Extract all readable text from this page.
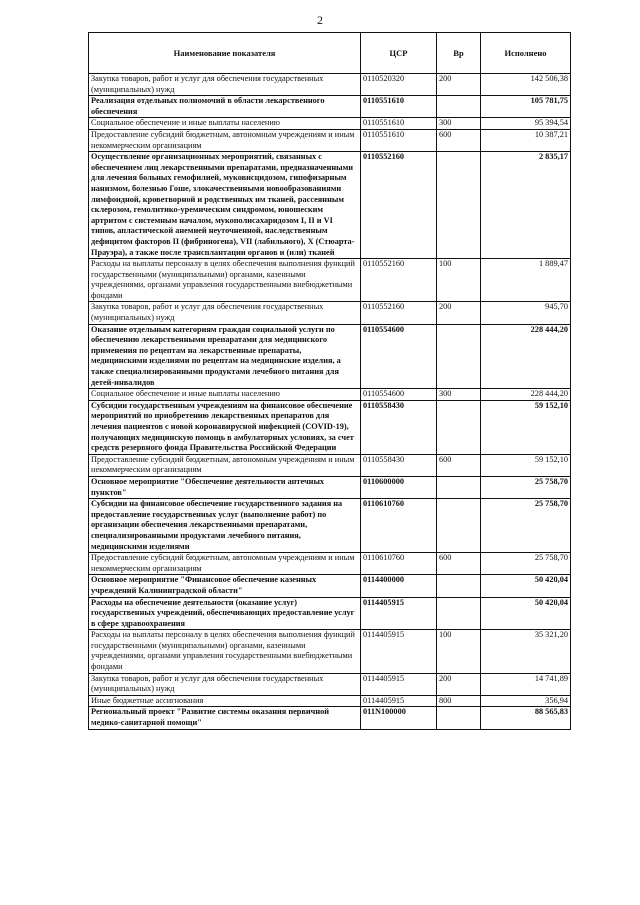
2
Наименование показателя	ЦСР	Вр	Исполнено
Закупка товаров, работ и услуг для обеспечения государственных (муниципальных) нужд	0110520320	200	142 506,38
Реализация отдельных полномочий в области лекарственного обеспечения	0110551610		105 781,75
Социальное обеспечение и иные выплаты населению	0110551610	300	95 394,54
Предоставление субсидий бюджетным, автономным учреждениям и иным некоммерческим организациям	0110551610	600	10 387,21
Осуществление организационных мероприятий, связанных с обеспечением лиц лекарственными препаратами, предназначенными для лечения больных гемофилией, муковисцидозом, гипофизарным нанизмом, болезнью Гоше, злокачественными новообразованиями лимфоидной, кроветворной и родственных им тканей, рассеянным склерозом, гемолитико-уремическим синдромом, юношеским артритом с системным началом, мукополисахаридозом I, II и VI типов, апластической анемией неуточненной, наследственным дефицитом факторов II (фибриногена), VII (лабильного), X (Стюарта-Прауэра), а также после трансплантации органов и (или) тканей	0110552160		2 835,17
Расходы на выплаты персоналу в целях обеспечения выполнения функций государственными (муниципальными) органами, казенными учреждениями, органами управления государственными внебюджетными фондами	0110552160	100	1 889,47
Закупка товаров, работ и услуг для обеспечения государственных (муниципальных) нужд	0110552160	200	945,70
Оказание отдельным категориям граждан социальной услуги по обеспечению лекарственными препаратами для медицинского применения по рецептам на лекарственные препараты, медицинскими изделиями по рецептам на медицинские изделия, а также специализированными продуктами лечебного питания для детей-инвалидов	0110554600		228 444,20
Социальное обеспечение и иные выплаты населению	0110554600	300	228 444,20
Субсидии государственным учреждениям на финансовое обеспечение мероприятий по приобретению лекарственных препаратов для лечения пациентов с новой коронавирусной инфекцией (COVID-19), получающих медицинскую помощь в амбулаторных условиях, за счет средств резервного фонда Правительства Российской Федерации	0110558430		59 152,10
Предоставление субсидий бюджетным, автономным учреждениям и иным некоммерческим организациям	0110558430	600	59 152,10
Основное мероприятие "Обеспечение деятельности аптечных пунктов"	0110600000		25 758,70
Субсидии на финансовое обеспечение государственного задания на предоставление государственных услуг (выполнение работ) по организации обеспечения лекарственными препаратами, специализированными продуктами лечебного питания, медицинскими изделиями	0110610760		25 758,70
Предоставление субсидий бюджетным, автономным учреждениям и иным некоммерческим организациям	0110610760	600	25 758,70
Основное мероприятие "Финансовое обеспечение казенных учреждений Калининградской области"	0114400000		50 420,04
Расходы на обеспечение деятельности (оказание услуг) государственных учреждений, обеспечивающих предоставление услуг в сфере здравоохранения	0114405915		50 420,04
Расходы на выплаты персоналу в целях обеспечения выполнения функций государственными (муниципальными) органами, казенными учреждениями, органами управления государственными внебюджетными фондами	0114405915	100	35 321,20
Закупка товаров, работ и услуг для обеспечения государственных (муниципальных) нужд	0114405915	200	14 741,89
Иные бюджетные ассигнования	0114405915	800	356,94
Региональный проект "Развитие системы оказания первичной медико-санитарной помощи"	011N100000		88 565,83
